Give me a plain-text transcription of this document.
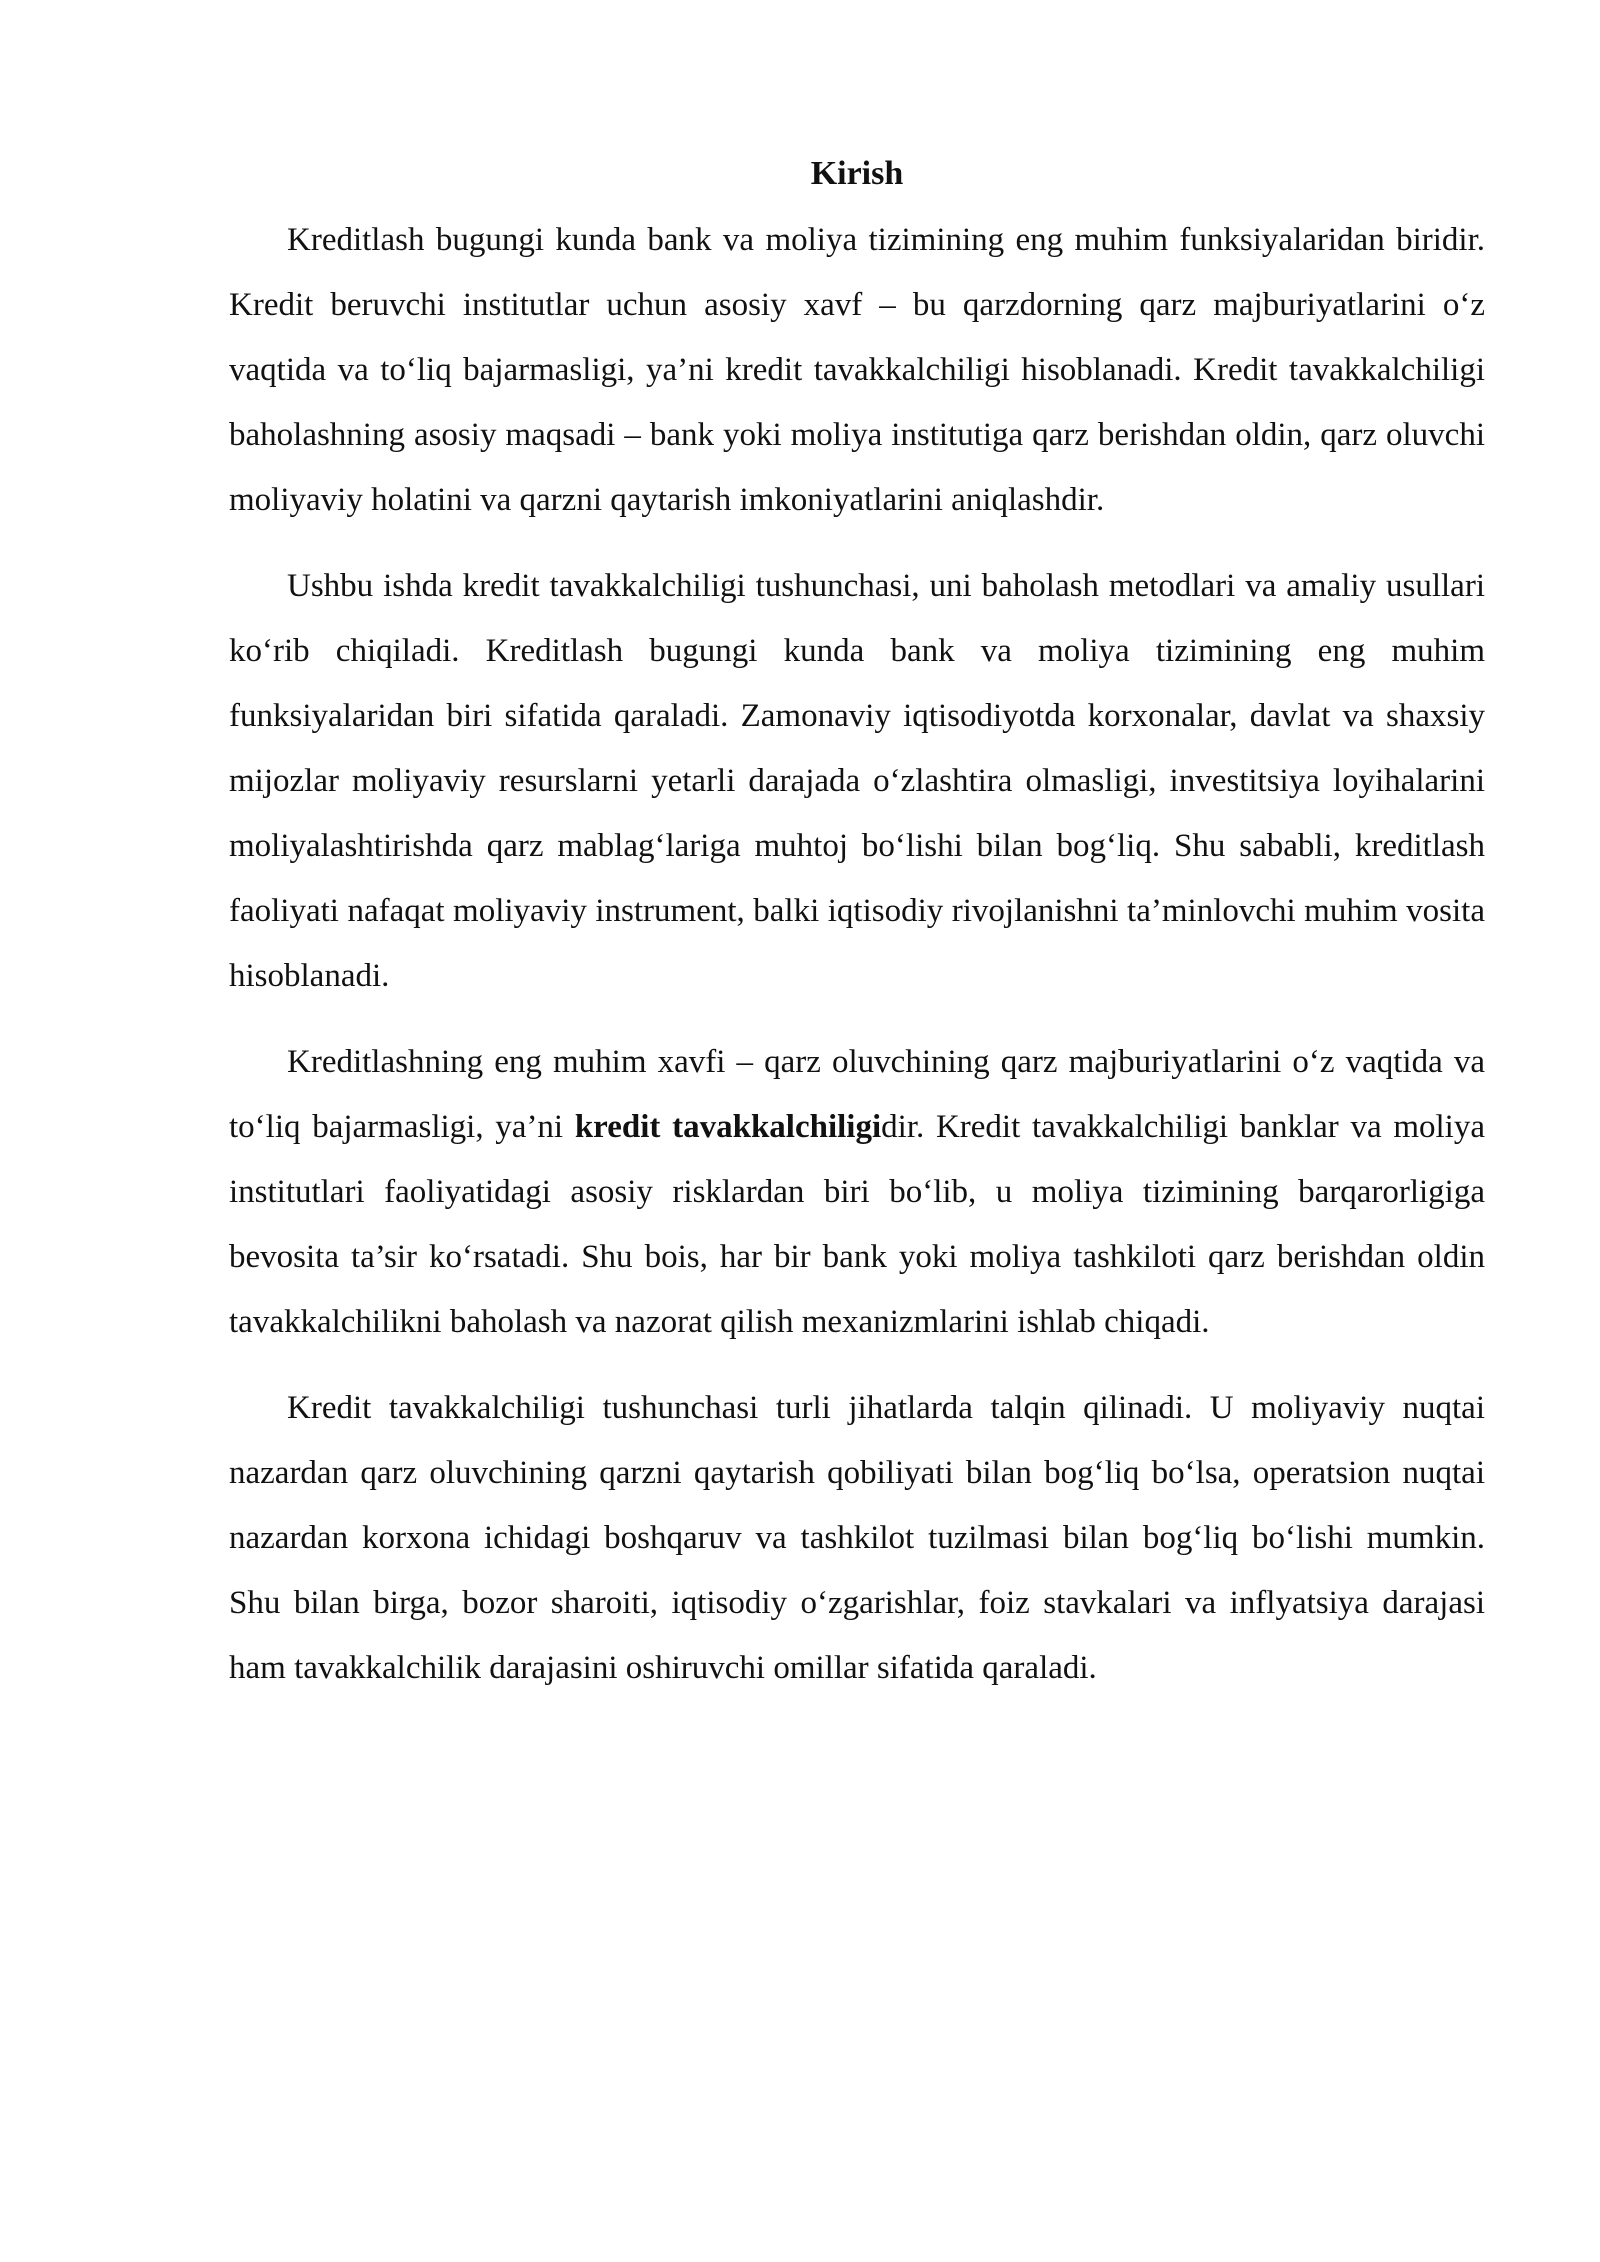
Kirish

Kreditlash bugungi kunda bank va moliya tizimining eng muhim funksiyalaridan biridir. Kredit beruvchi institutlar uchun asosiy xavf – bu qarzdorning qarz majburiyatlarini o‘z vaqtida va to‘liq bajarmasligi, ya’ni kredit tavakkalchiligi hisoblanadi. Kredit tavakkalchiligi baholashning asosiy maqsadi – bank yoki moliya institutiga qarz berishdan oldin, qarz oluvchi moliyaviy holatini va qarzni qaytarish imkoniyatlarini aniqlashdir.

Ushbu ishda kredit tavakkalchiligi tushunchasi, uni baholash metodlari va amaliy usullari ko‘rib chiqiladi. Kreditlash bugungi kunda bank va moliya tizimining eng muhim funksiyalaridan biri sifatida qaraladi. Zamonaviy iqtisodiyotda korxonalar, davlat va shaxsiy mijozlar moliyaviy resurslarni yetarli darajada o‘zlashtira olmasligi, investitsiya loyihalarini moliyalashtirishda qarz mablag‘lariga muhtoj bo‘lishi bilan bog‘liq. Shu sababli, kreditlash faoliyati nafaqat moliyaviy instrument, balki iqtisodiy rivojlanishni ta’minlovchi muhim vosita hisoblanadi.

Kreditlashning eng muhim xavfi – qarz oluvchining qarz majburiyatlarini o‘z vaqtida va to‘liq bajarmasligi, ya’ni kredit tavakkalchiligidir. Kredit tavakkalchiligi banklar va moliya institutlari faoliyatidagi asosiy risklardan biri bo‘lib, u moliya tizimining barqarorligiga bevosita ta’sir ko‘rsatadi. Shu bois, har bir bank yoki moliya tashkiloti qarz berishdan oldin tavakkalchilikni baholash va nazorat qilish mexanizmlarini ishlab chiqadi.

Kredit tavakkalchiligi tushunchasi turli jihatlarda talqin qilinadi. U moliyaviy nuqtai nazardan qarz oluvchining qarzni qaytarish qobiliyati bilan bog‘liq bo‘lsa, operatsion nuqtai nazardan korxona ichidagi boshqaruv va tashkilot tuzilmasi bilan bog‘liq bo‘lishi mumkin. Shu bilan birga, bozor sharoiti, iqtisodiy o‘zgarishlar, foiz stavkalari va inflyatsiya darajasi ham tavakkalchilik darajasini oshiruvchi omillar sifatida qaraladi.
